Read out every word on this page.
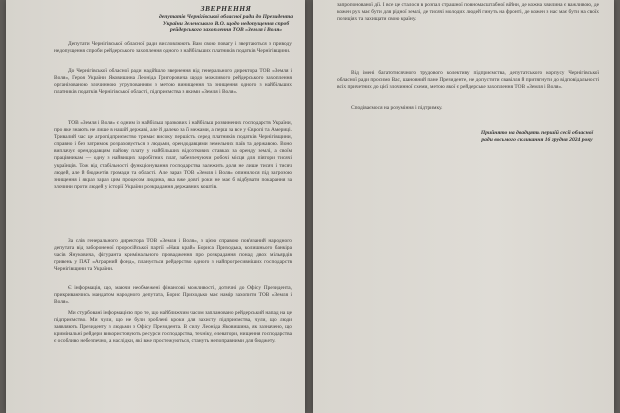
ЗВЕРНЕННЯ
депутатів Чернігівської обласної ради до Президента України Зеленського В.О. щодо недопущення спроб рейдерського захоплення ТОВ «Земля і Воля»

Депутати Чернігівської обласної ради висловлюють Вам свою повагу і звертаються з приводу недопущення спроби рейдерського захоплення одного з найбільших платників податків Чернігівщини.

До Чернігівської обласної ради надійшло звернення від генерального директора ТОВ «Земля і Воля», Героя України Яковишина Леоніда Григоровича щодо можливого рейдерського захоплення організованою злочинною угрупованням з метою винищення та знищення одного з найбільших платників податків Чернігівської області, підприємства з якими «Земля і Воля».

ТОВ «Земля і Воля» є одним із найбільш зразкових і найбільш розвинених господарств України, про яке знають не лише в нашій державі, але й далеко за її межами, а перш за все у Європі та Америці. Тривалий час це агропідприємство тримає високу першість серед платників податків Чернігівщини, справно і без затримок розраховується з людьми, орендодавцями земельних паїв та державою. Воно виплачує орендодавцям пайову плату у найбільших відсоткових ставках за оренду землі, а своїм працівникам — одну з найвищих заробітних плат, забезпечуючи робочі місця для півтори тисячі українців. Тож від стабільності функціонування господарства залежить доля не лише тисяч і тисяч людей, але й бюджетів громади та області. Але зараз ТОВ «Земля і Воля» опинилося під загрозою знищення і якраз зараз цим процесом людина, яка вже довгі роки не має б відбувати покарання за злочини проти людей у історії України розкрадання державних коштів.

За слів генерального директора ТОВ «Земля і Воля», з цією справою пов'язаний народного депутата від забороненої проросійської партії «Наш край» Бориса Приходька, колишнього банкіра часів Януковича, фігуранта кримінального провадження про розкрадання понад двох мільярдів гривень у ПАТ «Аграрний фонд», планується рейдерство одного з найпрогресивніших господарств Чернігівщини та України.

Є інформація, що, маючи необмежені фінансові можливості, дотичні до Офісу Президента, прикриваючись мандатом народного депутата, Борис Приходько має намір захопити ТОВ «Земля і Воля».

Ми стурбовані інформацією про те, що найближчим часом заплановано рейдерський напад на це підприємство. Ми чули, що не були зроблені кроки для захисту підприємства, чули, що люди заявляють Президенту з людьми з Офісу Президента. В силу Леоніда Яковишина, як зазначено, що кримінальні рейдери використовують ресурси господарства, техніку, елеватори, нищення господарства є особливо небезпечно, а наслідки, які вже простежуються, стануть непоправними для бюджету.

запропонованої дії. І все це сталося в розпал страшної повномасштабної війни, де кожна хвилина є важливою, де кожен рух має бути для рідної землі, де тисячі молодих людей гинуть на фронті, де кожен з нас має бути на своїх позиціях та захищати свою країну.

Від імені багатотисячного трудового колективу підприємства, депутатського корпусу Чернігівської обласної ради просимо Вас, шановний пане Президенте, не допустити свавілля й притягнути до відповідальності всіх причетних до цієї злочинної схеми, метою якої є рейдерське захоплення ТОВ «Земля і Воля».

Сподіваємося на розуміння і підтримку.

Прийнято на двадцять першій сесії обласної ради восьмого скликання 16 грудня 2024 року
